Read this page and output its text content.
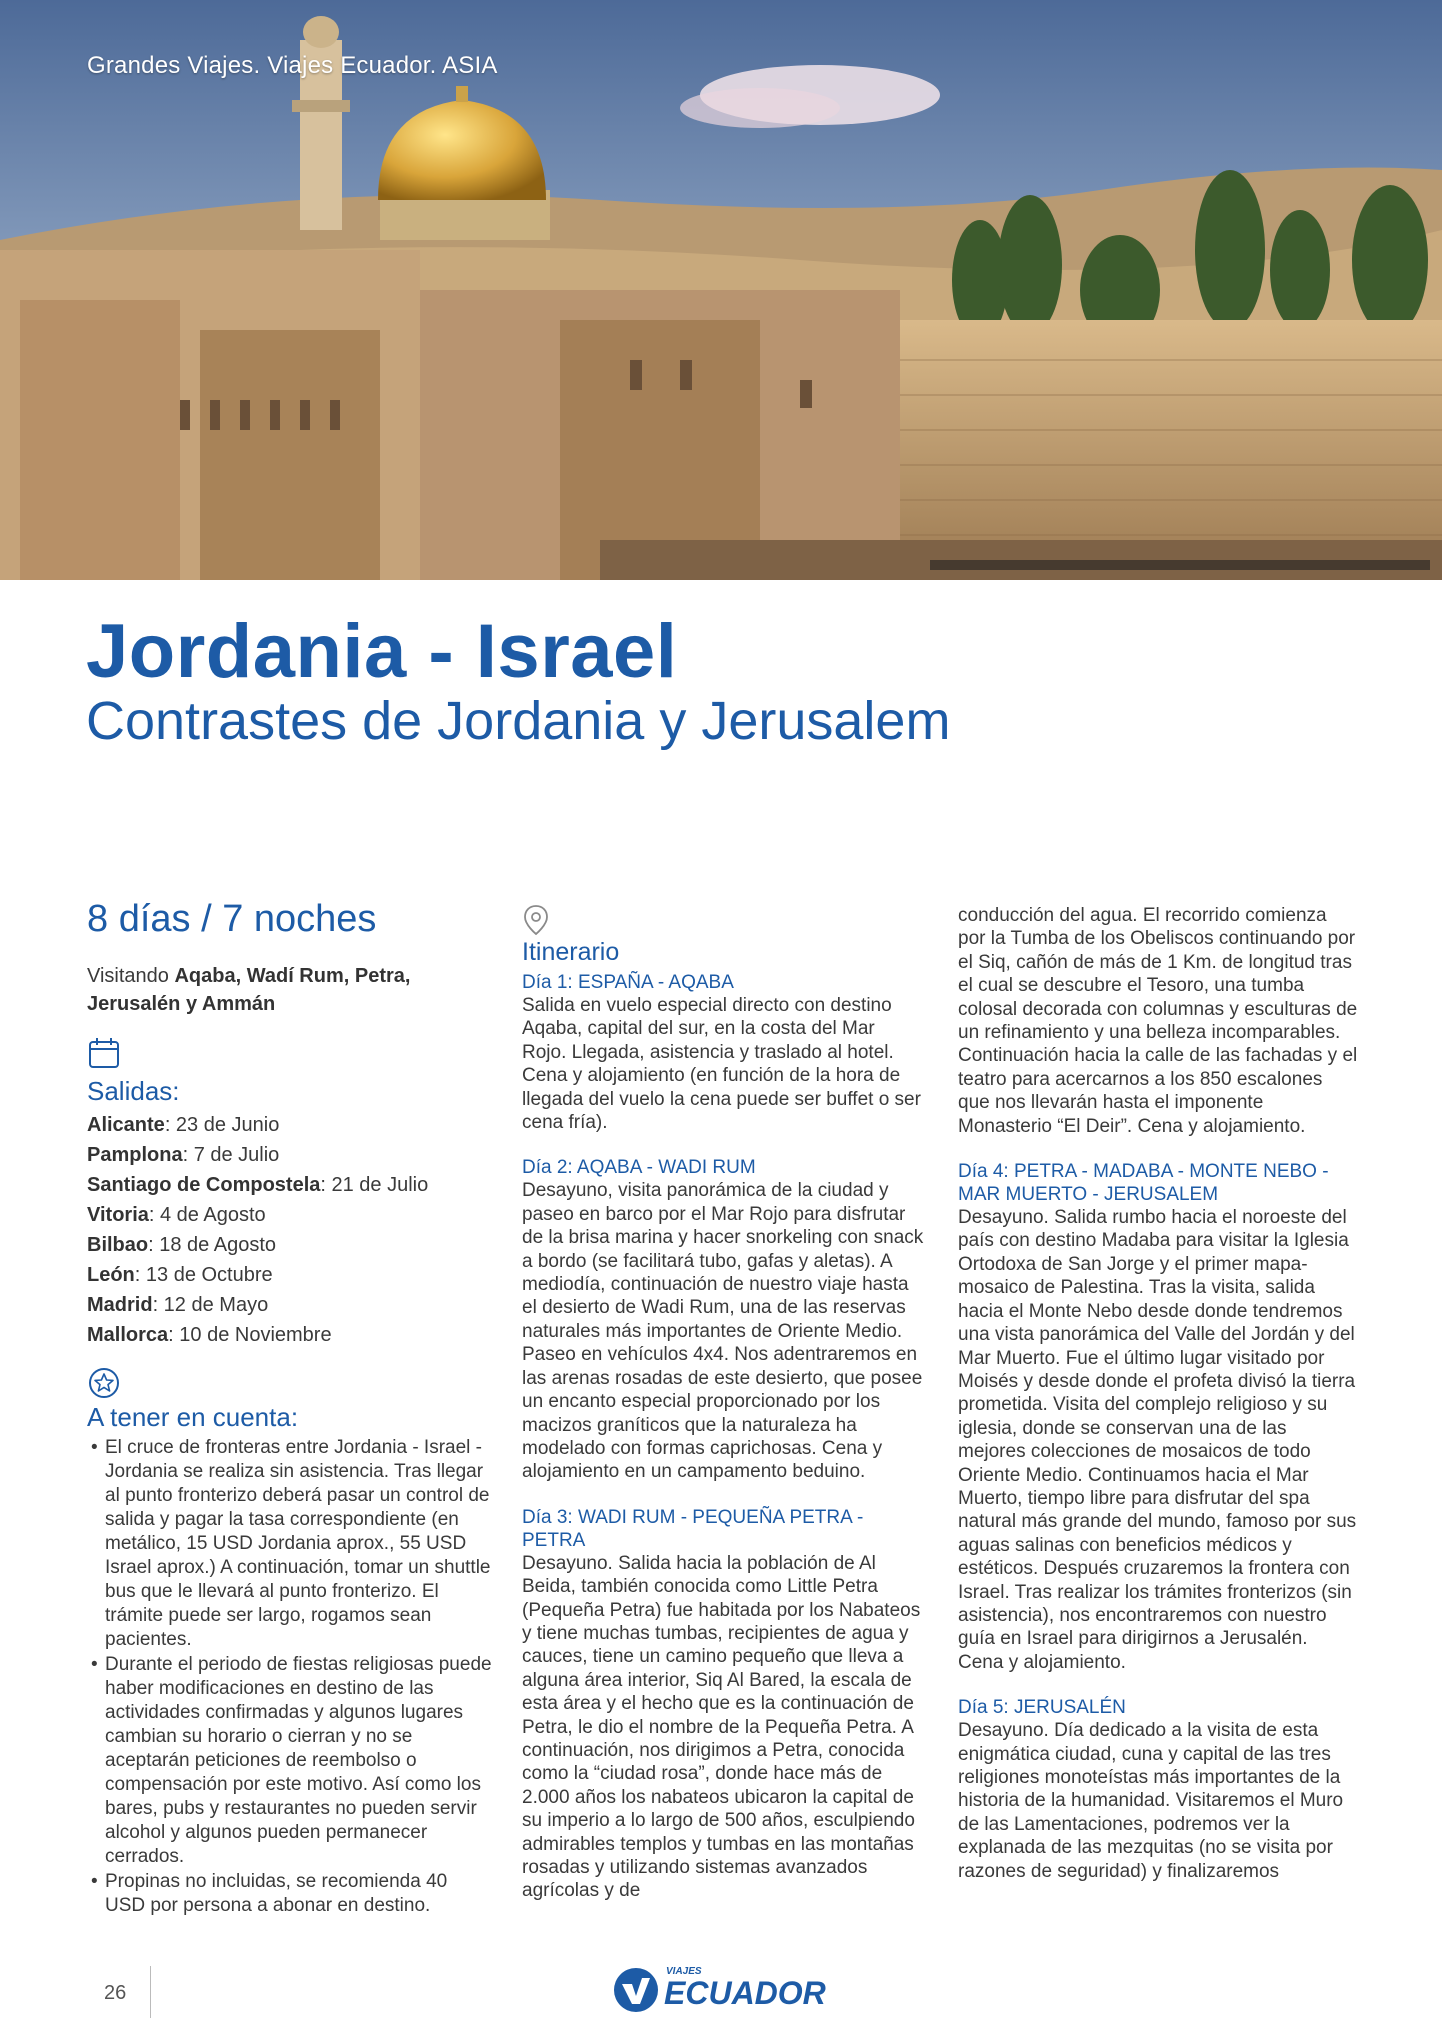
Grandes Viajes. Viajes Ecuador. ASIA
Jordania - Israel
Contrastes de Jordania y Jerusalem
8 días / 7 noches
Visitando Aqaba, Wadí Rum, Petra, Jerusalén y Ammán
Salidas:
Alicante: 23 de Junio
Pamplona: 7 de Julio
Santiago de Compostela: 21 de Julio
Vitoria: 4 de Agosto
Bilbao: 18 de Agosto
León: 13 de Octubre
Madrid: 12 de Mayo
Mallorca: 10 de Noviembre
A tener en cuenta:
• El cruce de fronteras entre Jordania - Israel - Jordania se realiza sin asistencia. Tras llegar al punto fronterizo deberá pasar un control de salida y pagar la tasa correspondiente (en metálico, 15 USD Jordania aprox., 55 USD Israel aprox.) A continuación, tomar un shuttle bus que le llevará al punto fronterizo. El trámite puede ser largo, rogamos sean pacientes.
• Durante el periodo de fiestas religiosas puede haber modificaciones en destino de las actividades confirmadas y algunos lugares cambian su horario o cierran y no se aceptarán peticiones de reembolso o compensación por este motivo. Así como los bares, pubs y restaurantes no pueden servir alcohol y algunos pueden permanecer cerrados.
• Propinas no incluidas, se recomienda 40 USD por persona a abonar en destino.
Itinerario
Día 1: ESPAÑA - AQABA
Salida en vuelo especial directo con destino Aqaba, capital del sur, en la costa del Mar Rojo. Llegada, asistencia y traslado al hotel. Cena y alojamiento (en función de la hora de llegada del vuelo la cena puede ser buffet o ser cena fría).
Día 2: AQABA - WADI RUM
Desayuno, visita panorámica de la ciudad y paseo en barco por el Mar Rojo para disfrutar de la brisa marina y hacer snorkeling con snack a bordo (se facilitará tubo, gafas y aletas). A mediodía, continuación de nuestro viaje hasta el desierto de Wadi Rum, una de las reservas naturales más importantes de Oriente Medio. Paseo en vehículos 4x4. Nos adentraremos en las arenas rosadas de este desierto, que posee un encanto especial proporcionado por los macizos graníticos que la naturaleza ha modelado con formas caprichosas. Cena y alojamiento en un campamento beduino.
Día 3: WADI RUM - PEQUEÑA PETRA - PETRA
Desayuno. Salida hacia la población de Al Beida, también conocida como Little Petra (Pequeña Petra) fue habitada por los Nabateos y tiene muchas tumbas, recipientes de agua y cauces, tiene un camino pequeño que lleva a alguna área interior, Siq Al Bared, la escala de esta área y el hecho que es la continuación de Petra, le dio el nombre de la Pequeña Petra. A continuación, nos dirigimos a Petra, conocida como la “ciudad rosa”, donde hace más de 2.000 años los nabateos ubicaron la capital de su imperio a lo largo de 500 años, esculpiendo admirables templos y tumbas en las montañas rosadas y utilizando sistemas avanzados agrícolas y de
conducción del agua. El recorrido comienza por la Tumba de los Obeliscos continuando por el Siq, cañón de más de 1 Km. de longitud tras el cual se descubre el Tesoro, una tumba colosal decorada con columnas y esculturas de un refinamiento y una belleza incomparables. Continuación hacia la calle de las fachadas y el teatro para acercarnos a los 850 escalones que nos llevarán hasta el imponente Monasterio “El Deir”. Cena y alojamiento.
Día 4: PETRA - MADABA - MONTE NEBO - MAR MUERTO - JERUSALEM
Desayuno. Salida rumbo hacia el noroeste del país con destino Madaba para visitar la Iglesia Ortodoxa de San Jorge y el primer mapa-mosaico de Palestina. Tras la visita, salida hacia el Monte Nebo desde donde tendremos una vista panorámica del Valle del Jordán y del Mar Muerto. Fue el último lugar visitado por Moisés y desde donde el profeta divisó la tierra prometida. Visita del complejo religioso y su iglesia, donde se conservan una de las mejores colecciones de mosaicos de todo Oriente Medio. Continuamos hacia el Mar Muerto, tiempo libre para disfrutar del spa natural más grande del mundo, famoso por sus aguas salinas con beneficios médicos y estéticos. Después cruzaremos la frontera con Israel. Tras realizar los trámites fronterizos (sin asistencia), nos encontraremos con nuestro guía en Israel para dirigirnos a Jerusalén. Cena y alojamiento.
Día 5: JERUSALÉN
Desayuno. Día dedicado a la visita de esta enigmática ciudad, cuna y capital de las tres religiones monoteístas más importantes de la historia de la humanidad. Visitaremos el Muro de las Lamentaciones, podremos ver la explanada de las mezquitas (no se visita por razones de seguridad) y finalizaremos
26
VIAJES
ECUADOR
